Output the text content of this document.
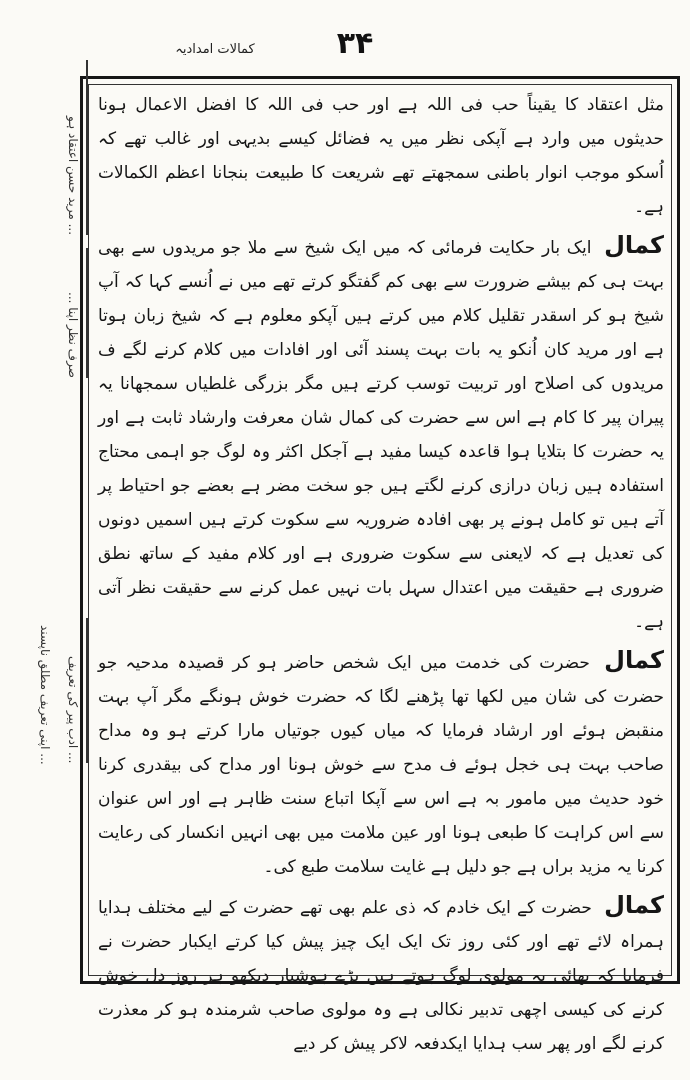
کمالات امدادیہ	۳۴
... مرید حسن اعتقاد ہو
صرف نظر اپنا ...
... ادب پیر کی تعریف
... اپنی تعریف مطلق ناپسند

مثل اعتقاد کا یقیناً حب فی اللہ ہے اور حب فی اللہ کا افضل الاعمال ہونا حدیثوں میں وارد ہے آپکی نظر میں یہ فضائل کیسے بدیہی اور غالب تھے کہ اُسکو موجب انوار باطنی سمجھتے تھے شریعت کا طبیعت بنجانا اعظم الکمالات ہے۔

کمال ایک بار حکایت فرمائی کہ میں ایک شیخ سے ملا جو مریدوں سے بھی بہت ہی کم بیشے ضرورت سے بھی کم گفتگو کرتے تھے میں نے اُنسے کہا کہ آپ شیخ ہو کر اسقدر تقلیل کلام میں کرتے ہیں آپکو معلوم ہے کہ شیخ زبان ہوتا ہے اور مرید کان اُنکو یہ بات بہت پسند آئی اور افادات میں کلام کرنے لگے ف مریدوں کی اصلاح اور تربیت توسب کرتے ہیں مگر بزرگی غلطیاں سمجھانا یہ پیران پیر کا کام ہے اس سے حضرت کی کمال شان معرفت وارشاد ثابت ہے اور یہ حضرت کا بتلایا ہوا قاعدہ کیسا مفید ہے آجکل اکثر وہ لوگ جو اہمی محتاج استفادہ ہیں زبان درازی کرنے لگتے ہیں جو سخت مضر ہے بعضے جو احتیاط پر آتے ہیں تو کامل ہونے پر بھی افادہ ضروریہ سے سکوت کرتے ہیں اسمیں دونوں کی تعدیل ہے کہ لایعنی سے سکوت ضروری ہے اور کلام مفید کے ساتھ نطق ضروری ہے حقیقت میں اعتدال سہل بات نہیں عمل کرنے سے حقیقت نظر آتی ہے۔

کمال حضرت کی خدمت میں ایک شخص حاضر ہو کر قصیدہ مدحیہ جو حضرت کی شان میں لکھا تھا پڑھنے لگا کہ حضرت خوش ہونگے مگر آپ بہت منقبض ہوئے اور ارشاد فرمایا کہ میاں کیوں جوتیاں مارا کرتے ہو وہ مداح صاحب بہت ہی خجل ہوئے ف مدح سے خوش ہونا اور مداح کی بیقدری کرنا خود حدیث میں مامور بہ ہے اس سے آپکا اتباع سنت ظاہر ہے اور اس عنوان سے اس کراہت کا طبعی ہونا اور عین ملامت میں بھی انہیں انکسار کی رعایت کرنا یہ مزید براں ہے جو دلیل ہے غایت سلامت طبع کی۔

کمال حضرت کے ایک خادم کہ ذی علم بھی تھے حضرت کے لیے مختلف ہدایا ہمراہ لائے تھے اور کئی روز تک ایک ایک چیز پیش کیا کرتے ایکبار حضرت نے فرمایا کہ بھائی یہ مولوی لوگ ہوتے ہیں بڑے ہوشیار دیکھو ہر روز دل خوش کرنے کی کیسی اچھی تدبیر نکالی ہے وہ مولوی صاحب شرمندہ ہو کر معذرت کرنے لگے اور پھر سب ہدایا ایکدفعہ لاکر پیش کر دیے
